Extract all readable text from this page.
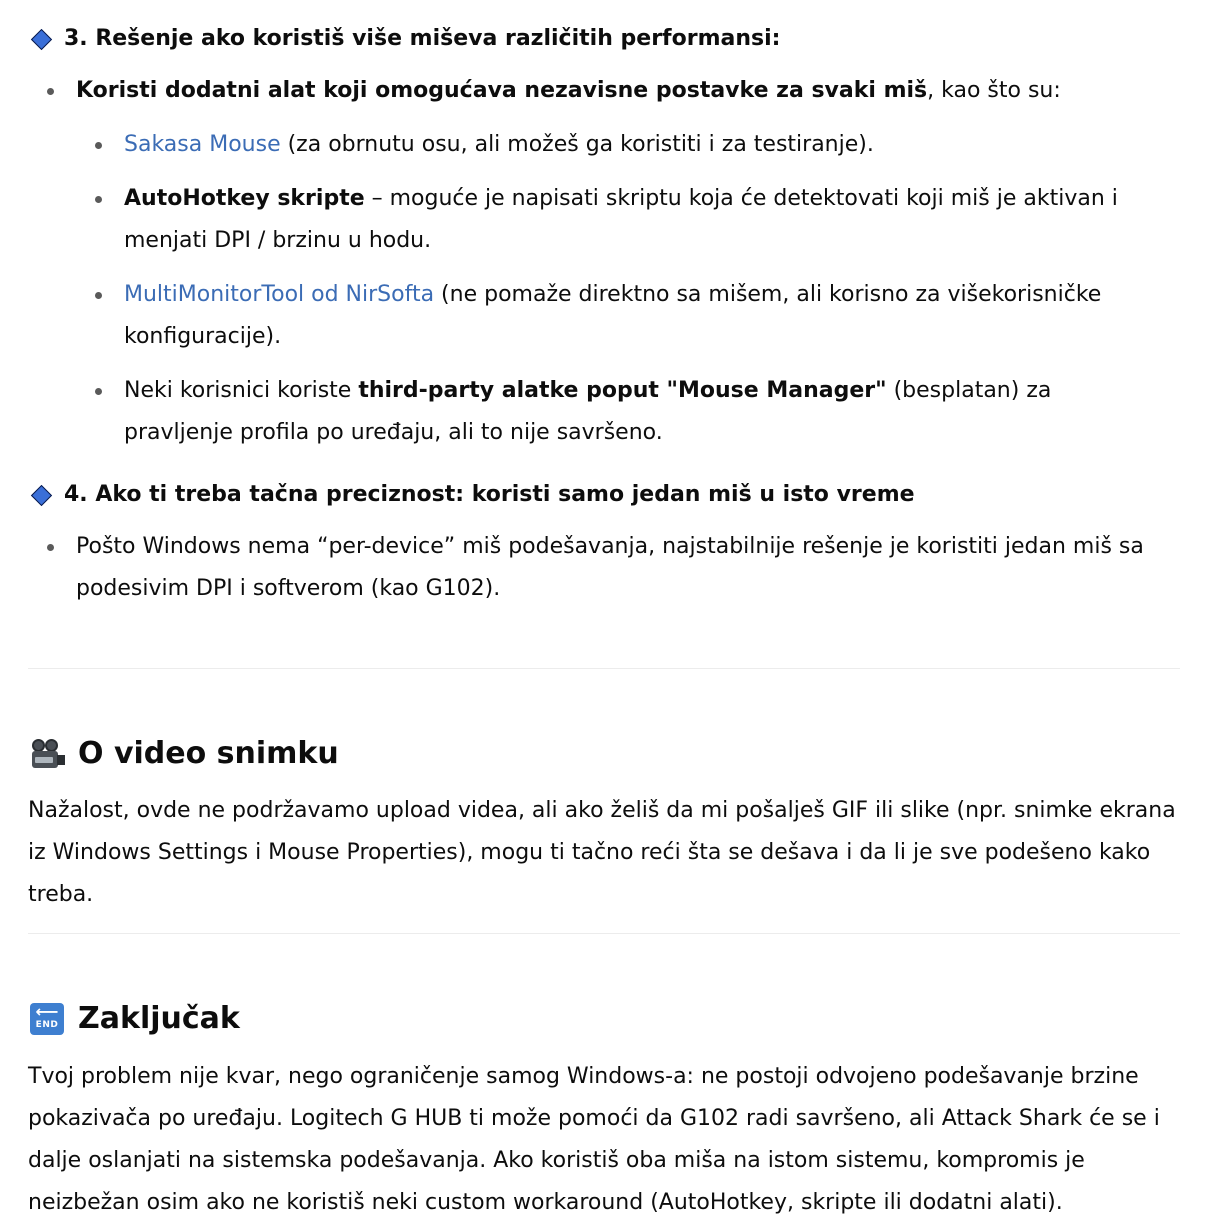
3. Rešenje ako koristiš više miševa različitih performansi:
Koristi dodatni alat koji omogućava nezavisne postavke za svaki miš, kao što su:
Sakasa Mouse (za obrnutu osu, ali možeš ga koristiti i za testiranje).
AutoHotkey skripte – moguće je napisati skriptu koja će detektovati koji miš je aktivan i menjati DPI / brzinu u hodu.
MultiMonitorTool od NirSofta (ne pomaže direktno sa mišem, ali korisno za višekorisničke konfiguracije).
Neki korisnici koriste third-party alatke poput "Mouse Manager" (besplatan) za pravljenje profila po uređaju, ali to nije savršeno.
4. Ako ti treba tačna preciznost: koristi samo jedan miš u isto vreme
Pošto Windows nema “per-device” miš podešavanja, najstabilnije rešenje je koristiti jedan miš sa podesivim DPI i softverom (kao G102).
O video snimku
Nažalost, ovde ne podržavamo upload videa, ali ako želiš da mi pošalješ GIF ili slike (npr. snimke ekrana iz Windows Settings i Mouse Properties), mogu ti tačno reći šta se dešava i da li je sve podešeno kako treba.
⟵
END Zaključak
Tvoj problem nije kvar, nego ograničenje samog Windows-a: ne postoji odvojeno podešavanje brzine pokazivača po uređaju. Logitech G HUB ti može pomoći da G102 radi savršeno, ali Attack Shark će se i dalje oslanjati na sistemska podešavanja. Ako koristiš oba miša na istom sistemu, kompromis je neizbežan osim ako ne koristiš neki custom workaround (AutoHotkey, skripte ili dodatni alati).
